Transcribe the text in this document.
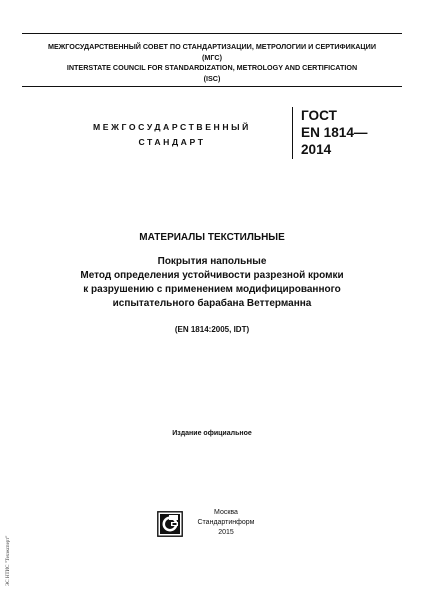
МЕЖГОСУДАРСТВЕННЫЙ СОВЕТ ПО СТАНДАРТИЗАЦИИ, МЕТРОЛОГИИ И СЕРТИФИКАЦИИ
(МГС)
INTERSTATE COUNCIL FOR STANDARDIZATION, METROLOGY AND CERTIFICATION
(ISC)
МЕЖГОСУДАРСТВЕННЫЙ
СТАНДАРТ
ГОСТ
EN 1814—
2014
МАТЕРИАЛЫ ТЕКСТИЛЬНЫЕ
Покрытия напольные
Метод определения устойчивости разрезной кромки
к разрушению с применением модифицированного
испытательного барабана Веттерманна
(EN 1814:2005, IDT)
Издание официальное
Москва
Стандартинформ
2015
ЭС НТИС "Техэксперт"
